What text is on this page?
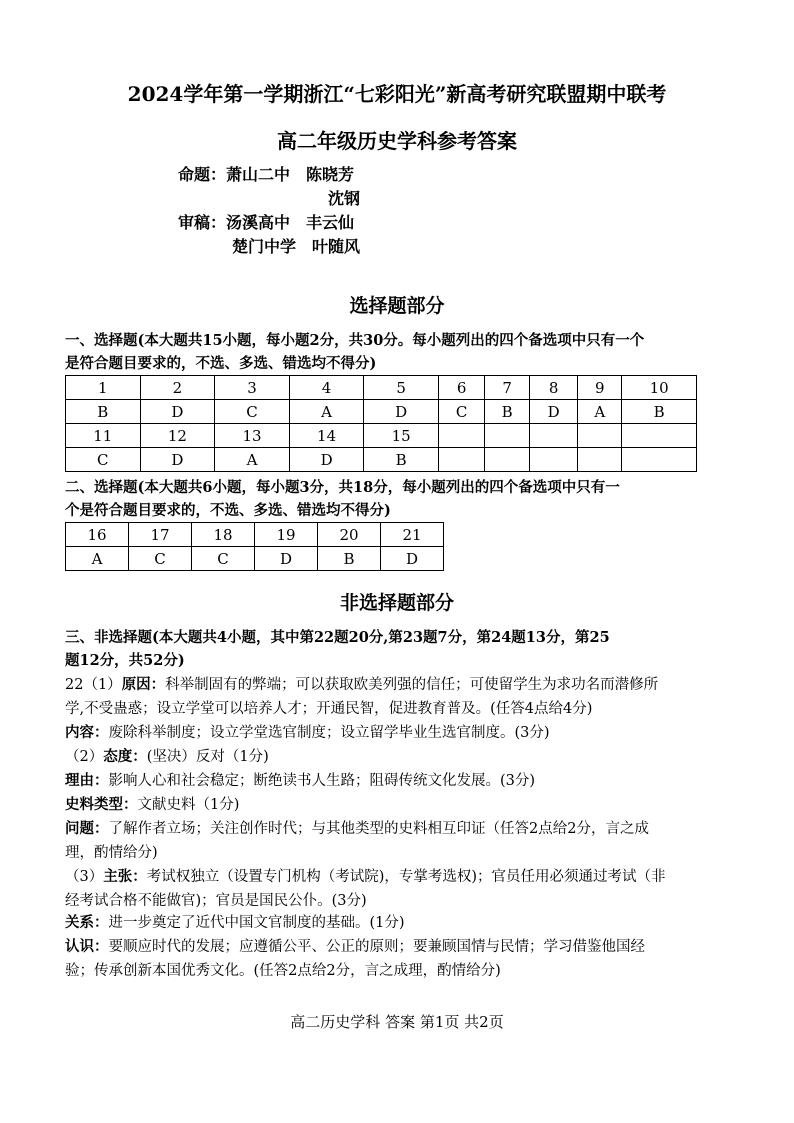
2024学年第一学期浙江“七彩阳光”新高考研究联盟期中联考
高二年级历史学科参考答案
命题：萧山二中　陈晓芳
沈钢
审稿：汤溪高中　丰云仙
楚门中学　叶随风
选择题部分
一、选择题(本大题共15小题，每小题2分，共30分。每小题列出的四个备选项中只有一个
是符合题目要求的，不选、多选、错选均不得分)
1	2	3	4	5	6	7	8	9	10
B	D	C	A	D	C	B	D	A	B
11	12	13	14	15					
C	D	A	D	B					
二、选择题(本大题共6小题，每小题3分，共18分，每小题列出的四个备选项中只有一
个是符合题目要求的，不选、多选、错选均不得分)
16	17	18	19	20	21
A	C	C	D	B	D
非选择题部分
三、非选择题(本大题共4小题，其中第22题20分,第23题7分，第24题13分，第25
题12分，共52分)
22（1）原因：科举制固有的弊端；可以获取欧美列强的信任；可使留学生为求功名而潜修所
学,不受蛊惑；设立学堂可以培养人才；开通民智，促进教育普及。(任答4点给4分)
内容：废除科举制度；设立学堂选官制度；设立留学毕业生选官制度。(3分)
（2）态度：(坚决）反对（1分)
理由：影响人心和社会稳定；断绝读书人生路；阻碍传统文化发展。(3分)
史料类型：文献史料（1分)
问题：了解作者立场；关注创作时代；与其他类型的史料相互印证（任答2点给2分，言之成
理，酌情给分)
（3）主张：考试权独立（设置专门机构（考试院)，专掌考选权)；官员任用必须通过考试（非
经考试合格不能做官)；官员是国民公仆。(3分)
关系：进一步奠定了近代中国文官制度的基础。(1分)
认识：要顺应时代的发展；应遵循公平、公正的原则；要兼顾国情与民情；学习借鉴他国经
验；传承创新本国优秀文化。(任答2点给2分，言之成理，酌情给分)
高二历史学科 答案 第1页 共2页
